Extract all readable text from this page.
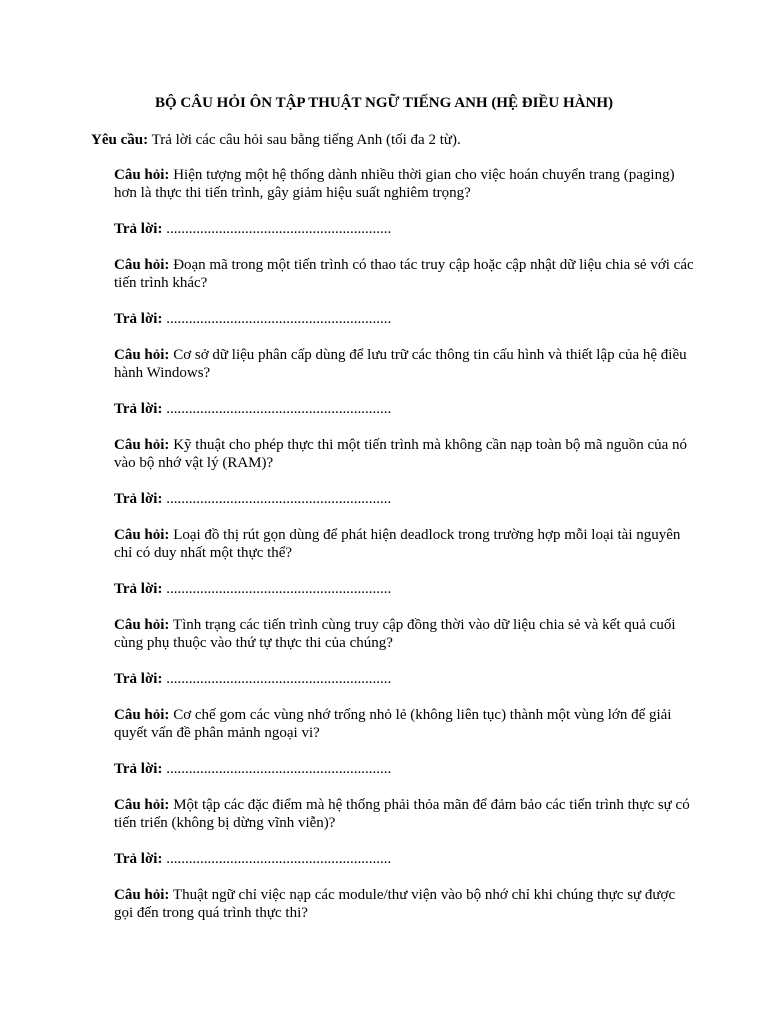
BỘ CÂU HỎI ÔN TẬP THUẬT NGỮ TIẾNG ANH (HỆ ĐIỀU HÀNH)
Yêu cầu: Trả lời các câu hỏi sau bằng tiếng Anh (tối đa 2 từ).
Câu hỏi: Hiện tượng một hệ thống dành nhiều thời gian cho việc hoán chuyển trang (paging) hơn là thực thi tiến trình, gây giảm hiệu suất nghiêm trọng?
Trả lời: ............................................................
Câu hỏi: Đoạn mã trong một tiến trình có thao tác truy cập hoặc cập nhật dữ liệu chia sẻ với các tiến trình khác?
Trả lời: ............................................................
Câu hỏi: Cơ sở dữ liệu phân cấp dùng để lưu trữ các thông tin cấu hình và thiết lập của hệ điều hành Windows?
Trả lời: ............................................................
Câu hỏi: Kỹ thuật cho phép thực thi một tiến trình mà không cần nạp toàn bộ mã nguồn của nó vào bộ nhớ vật lý (RAM)?
Trả lời: ............................................................
Câu hỏi: Loại đồ thị rút gọn dùng để phát hiện deadlock trong trường hợp mỗi loại tài nguyên chỉ có duy nhất một thực thể?
Trả lời: ............................................................
Câu hỏi: Tình trạng các tiến trình cùng truy cập đồng thời vào dữ liệu chia sẻ và kết quả cuối cùng phụ thuộc vào thứ tự thực thi của chúng?
Trả lời: ............................................................
Câu hỏi: Cơ chế gom các vùng nhớ trống nhỏ lẻ (không liên tục) thành một vùng lớn để giải quyết vấn đề phân mảnh ngoại vi?
Trả lời: ............................................................
Câu hỏi: Một tập các đặc điểm mà hệ thống phải thỏa mãn để đảm bảo các tiến trình thực sự có tiến triển (không bị dừng vĩnh viễn)?
Trả lời: ............................................................
Câu hỏi: Thuật ngữ chỉ việc nạp các module/thư viện vào bộ nhớ chỉ khi chúng thực sự được gọi đến trong quá trình thực thi?
